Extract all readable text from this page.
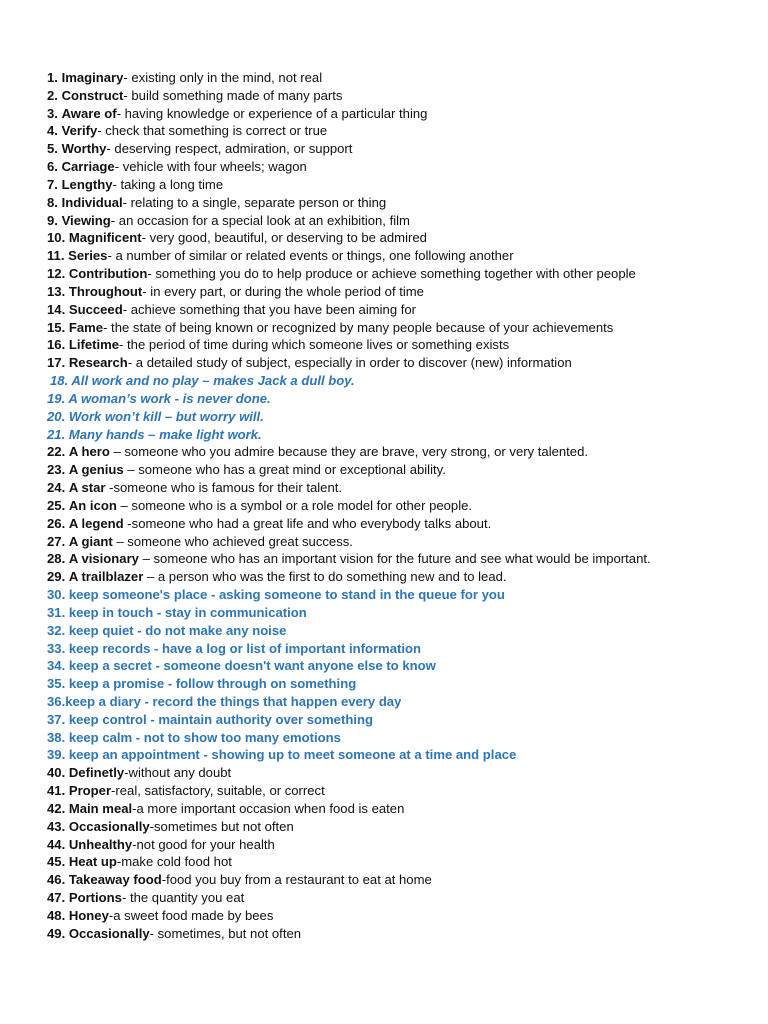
1. Imaginary- existing only in the mind, not real
2. Construct- build something made of many parts
3. Aware of- having knowledge or experience of a particular thing
4. Verify- check that something is correct or true
5. Worthy- deserving respect, admiration, or support
6. Carriage- vehicle with four wheels; wagon
7. Lengthy- taking a long time
8. Individual- relating to a single, separate person or thing
9. Viewing- an occasion for a special look at an exhibition, film
10. Magnificent- very good, beautiful, or deserving to be admired
11. Series- a number of similar or related events or things, one following another
12. Contribution- something you do to help produce or achieve something together with other people
13. Throughout- in every part, or during the whole period of time
14. Succeed- achieve something that you have been aiming for
15. Fame- the state of being known or recognized by many people because of your achievements
16. Lifetime- the period of time during which someone lives or something exists
17. Research- a detailed study of subject, especially in order to discover (new) information
18. All work and no play – makes Jack a dull boy.
19. A woman’s work - is never done.
20. Work won’t kill – but worry will.
21. Many hands – make light work.
22. A hero – someone who you admire because they are brave, very strong, or very talented.
23. A genius – someone who has a great mind or exceptional ability.
24. A star -someone who is famous for their talent.
25. An icon – someone who is a symbol or a role model for other people.
26. A legend -someone who had a great life and who everybody talks about.
27. A giant – someone who achieved great success.
28. A visionary – someone who has an important vision for the future and see what would be important.
29. A trailblazer – a person who was the first to do something new and to lead.
30. keep someone's place - asking someone to stand in the queue for you
31. keep in touch - stay in communication
32. keep quiet - do not make any noise
33. keep records - have a log or list of important information
34. keep a secret - someone doesn't want anyone else to know
35. keep a promise - follow through on something
36.keep a diary - record the things that happen every day
37. keep control - maintain authority over something
38. keep calm - not to show too many emotions
39. keep an appointment - showing up to meet someone at a time and place
40. Definetly-without any doubt
41. Proper-real, satisfactory, suitable, or correct
42. Main meal-a more important occasion when food is eaten
43. Occasionally-sometimes but not often
44. Unhealthy-not good for your health
45. Heat up-make cold food hot
46. Takeaway food-food you buy from a restaurant to eat at home
47. Portions- the quantity you eat
48. Honey-a sweet food made by bees
49. Occasionally- sometimes, but not often
